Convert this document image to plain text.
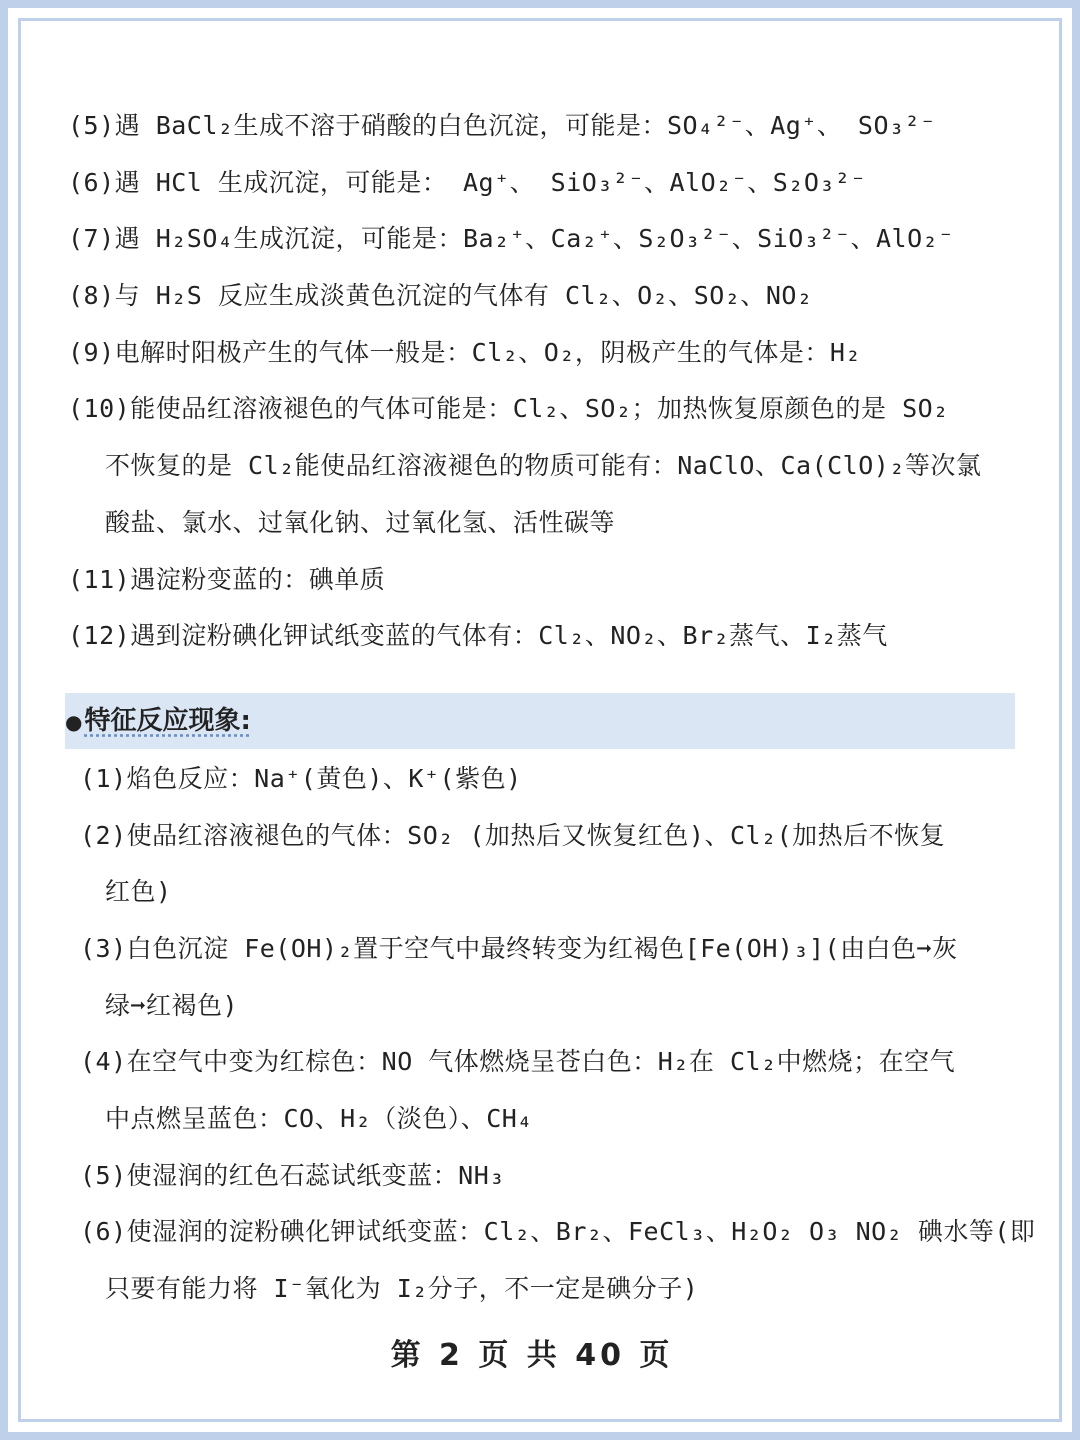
(5)遇 BaCl₂生成不溶于硝酸的白色沉淀，可能是：SO₄²⁻、Ag⁺、 SO₃²⁻
(6)遇 HCl 生成沉淀，可能是： Ag⁺、 SiO₃²⁻、AlO₂⁻、S₂O₃²⁻
(7)遇 H₂SO₄生成沉淀，可能是：Ba₂⁺、Ca₂⁺、S₂O₃²⁻、SiO₃²⁻、AlO₂⁻
(8)与 H₂S 反应生成淡黄色沉淀的气体有 Cl₂、O₂、SO₂、NO₂
(9)电解时阳极产生的气体一般是：Cl₂、O₂，阴极产生的气体是：H₂
(10)能使品红溶液褪色的气体可能是：Cl₂、SO₂；加热恢复原颜色的是 SO₂
不恢复的是 Cl₂能使品红溶液褪色的物质可能有：NaClO、Ca(ClO)₂等次氯
酸盐、氯水、过氧化钠、过氧化氢、活性碳等
(11)遇淀粉变蓝的：碘单质
(12)遇到淀粉碘化钾试纸变蓝的气体有：Cl₂、NO₂、Br₂蒸气、I₂蒸气
●特征反应现象:
(1)焰色反应：Na⁺(黄色)、K⁺(紫色)
(2)使品红溶液褪色的气体：SO₂ (加热后又恢复红色)、Cl₂(加热后不恢复
红色)
(3)白色沉淀 Fe(OH)₂置于空气中最终转变为红褐色[Fe(OH)₃](由白色➞灰
绿➞红褐色)
(4)在空气中变为红棕色：NO 气体燃烧呈苍白色：H₂在 Cl₂中燃烧；在空气
中点燃呈蓝色：CO、H₂（淡色）、CH₄
(5)使湿润的红色石蕊试纸变蓝：NH₃
(6)使湿润的淀粉碘化钾试纸变蓝：Cl₂、Br₂、FeCl₃、H₂O₂ O₃ NO₂ 碘水等(即
只要有能力将 I⁻氧化为 I₂分子，不一定是碘分子)
第 2 页 共 40 页
